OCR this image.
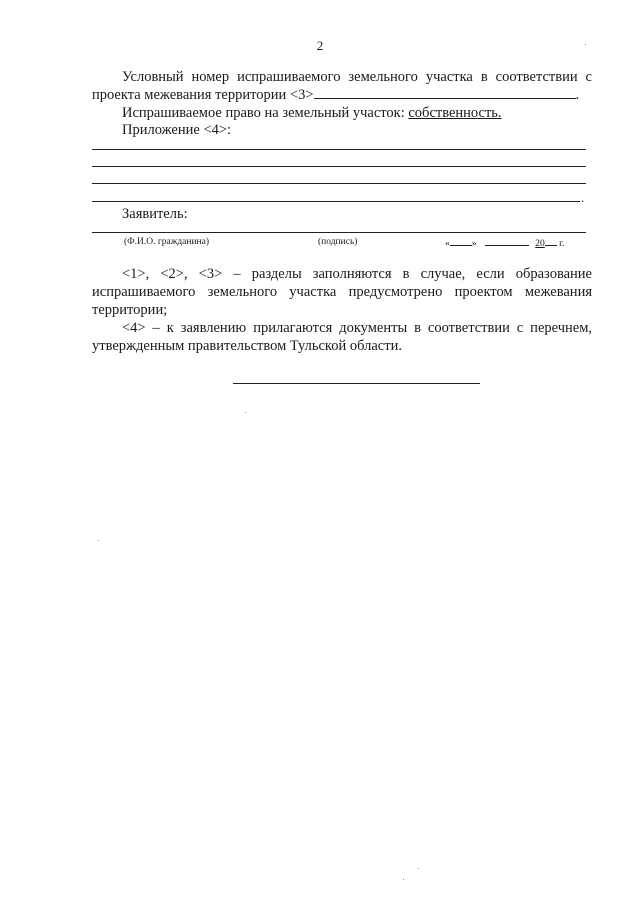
2
Условный номер испрашиваемого земельного участка в соответствии с
проекта межевания территории <3>	.
Испрашиваемое право на земельный участок: собственность.
Приложение <4>:
.
Заявитель:
(Ф.И.О. гражданина)	(подпись)	« »	20 г.
<1>, <2>, <3> – разделы заполняются в случае, если образование
испрашиваемого земельного участка предусмотрено проектом межевания
территории;
<4> – к заявлению прилагаются документы в соответствии с перечнем,
утвержденным правительством Тульской области.
